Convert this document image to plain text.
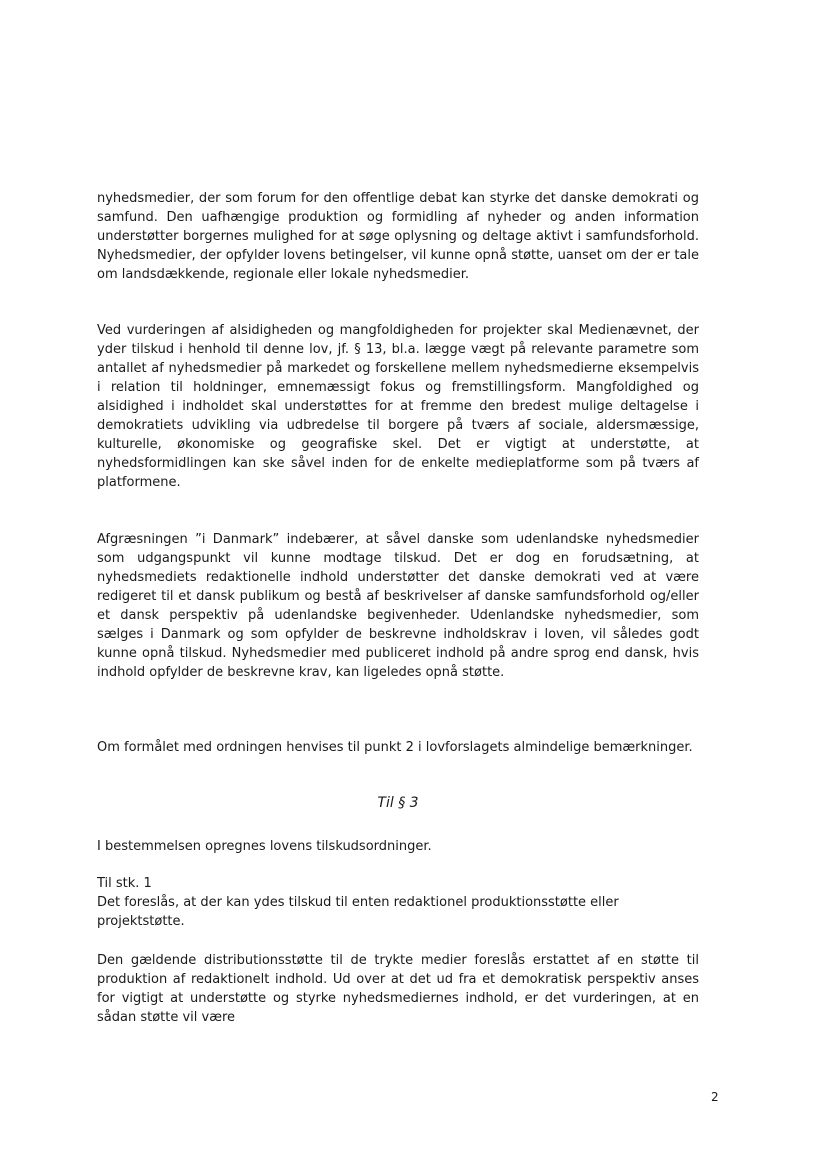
nyhedsmedier, der som forum for den offentlige debat kan styrke det danske demokrati og samfund. Den uafhængige produktion og formidling af nyheder og anden information understøtter borgernes mulighed for at søge oplysning og deltage aktivt i samfundsforhold. Nyhedsmedier, der opfylder lovens betingelser, vil kunne opnå støtte, uanset om der er tale om landsdækkende, regionale eller lokale nyhedsmedier.

Ved vurderingen af alsidigheden og mangfoldigheden for projekter skal Medienævnet, der yder tilskud i henhold til denne lov, jf. § 13, bl.a. lægge vægt på relevante parametre som antallet af nyhedsmedier på markedet og forskellene mellem nyhedsmedierne eksempelvis i relation til holdninger, emnemæssigt fokus og fremstillingsform. Mangfoldighed og alsidighed i indholdet skal understøttes for at fremme den bredest mulige deltagelse i demokratiets udvikling via udbredelse til borgere på tværs af sociale, aldersmæssige, kulturelle, økonomiske og geografiske skel. Det er vigtigt at understøtte, at nyhedsformidlingen kan ske såvel inden for de enkelte medieplatforme som på tværs af platformene.

Afgræsningen ”i Danmark” indebærer, at såvel danske som udenlandske nyhedsmedier som udgangspunkt vil kunne modtage tilskud. Det er dog en forudsætning, at nyhedsmediets redaktionelle indhold understøtter det danske demokrati ved at være redigeret til et dansk publikum og bestå af beskrivelser af danske samfundsforhold og/eller et dansk perspektiv på udenlandske begivenheder. Udenlandske nyhedsmedier, som sælges i Danmark og som opfylder de beskrevne indholdskrav i loven, vil således godt kunne opnå tilskud. Nyhedsmedier med publiceret indhold på andre sprog end dansk, hvis indhold opfylder de beskrevne krav, kan ligeledes opnå støtte.

Om formålet med ordningen henvises til punkt 2 i lovforslagets almindelige bemærkninger.

Til § 3

I bestemmelsen opregnes lovens tilskudsordninger.

Til stk. 1
Det foreslås, at der kan ydes tilskud til enten redaktionel produktionsstøtte eller projektstøtte.

Den gældende distributionsstøtte til de trykte medier foreslås erstattet af en støtte til produktion af redaktionelt indhold. Ud over at det ud fra et demokratisk perspektiv anses for vigtigt at understøtte og styrke nyhedsmediernes indhold, er det vurderingen, at en sådan støtte vil være

2
